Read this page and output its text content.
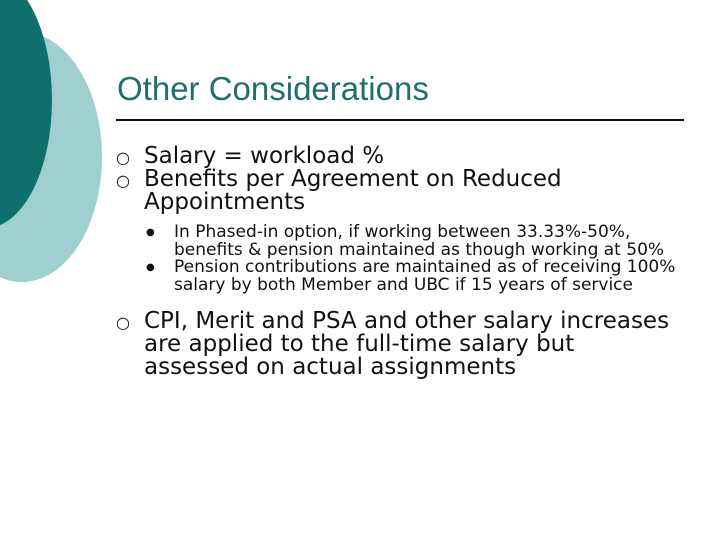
Other Considerations

○ Salary = workload %

○ Benefits per Agreement on Reduced Appointments

● In Phased-in option, if working between 33.33%-50%, benefits & pension maintained as though working at 50%

● Pension contributions are maintained as of receiving 100% salary by both Member and UBC if 15 years of service

○ CPI, Merit and PSA and other salary increases are applied to the full-time salary but assessed on actual assignments
